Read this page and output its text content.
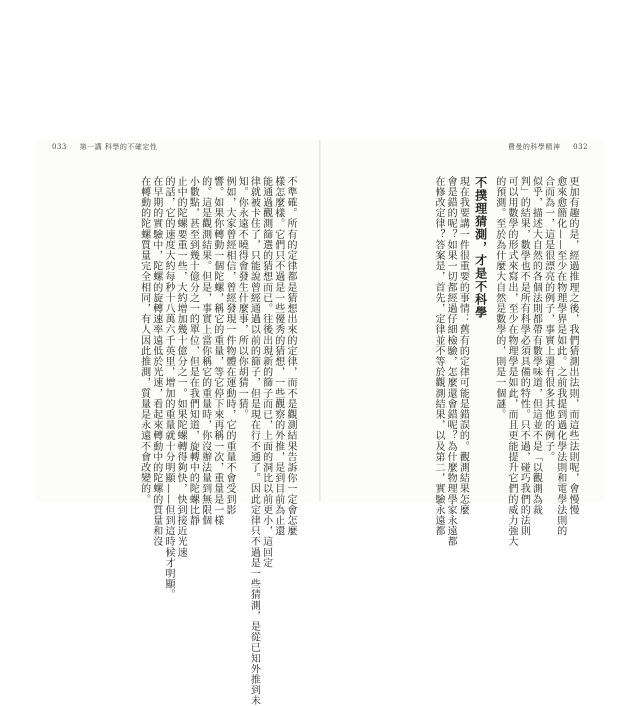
033 第一講 科學的不確定性	費曼的科學精神 032
更加有趣的是，經過推理之後，我們猜測出法則，而這些法則呢，會慢慢
愈來愈簡化——至少在物理學界是如此。之前我提到過化學法則和電學法則的
合而為一，這是很漂亮的例子，事實上還有很多其他的例子。
似乎，描述大自然的各個法則都帶有數學味道，但這並不是「以觀測為裁
判」的結果，數學也不是所有科學必須具備的特性。只不過，碰巧我們的法則
可以用數學的形式來寫出，至少在物理學是如此，而且更能提升它們的威力強大
的預測。至於為什麼大自然是數學的，則是一個謎。
不撲理猜測，才是不科學
現在我要講一件很重要的事情：舊有的定律可能是錯誤的。觀測結果怎麼
會是錯的呢？如果一切都經過仔細檢驗，怎麼還會錯呢？為什麼物理學家永遠都
在修改定律？答案是，首先，定律並不等於觀測結果，以及第二，實驗永遠都
不準確。所有的定律都是猜想出來的定律，而不是觀測結果告訴你一定會怎麼
樣怎麼樣。它們只不過是一些優秀的猜想，一些觀察的外推，是到目前為止還
能通過觀測篩選的猜想而已。往後出現新的篩子而已，上面的洞比以前更小，這回定
律就被卡住了，只能說曾經通過以前的篩子，但是現在行不通了。因此定律只不過是一些猜測，是從已知外推到未
知。你永遠不曉得會發生什麼事，所以你胡猜一猜。
例如，大家曾經相信，曾經發現一件物體在運動時，它的重量不會受到影
響。如果你轉動一個陀螺，稱它的重量，等它停下來再稱一次，重量是一樣
的。這是觀測結果。但是，事實上當你稱它的重量時，你沒辦法量到無限個
小數點，甚至到幾十億分之一的單位，但是在我們知道，旋轉中的陀螺比靜
止中的陀螺要重一些，大約增加幾十億分之一。如果陀螺轉得夠快，快到接近光速
的話，它的速度大約每秒十八萬六千英里，增加的重量就十分明顯——但到這時候才明顯。
在早期的實驗中，陀螺的旋轉速率遠低於光速，看起來轉動中的陀螺的質量和沒
在轉動的陀螺質量完全相同，有人因此推測，質量是永遠不會改變的。
